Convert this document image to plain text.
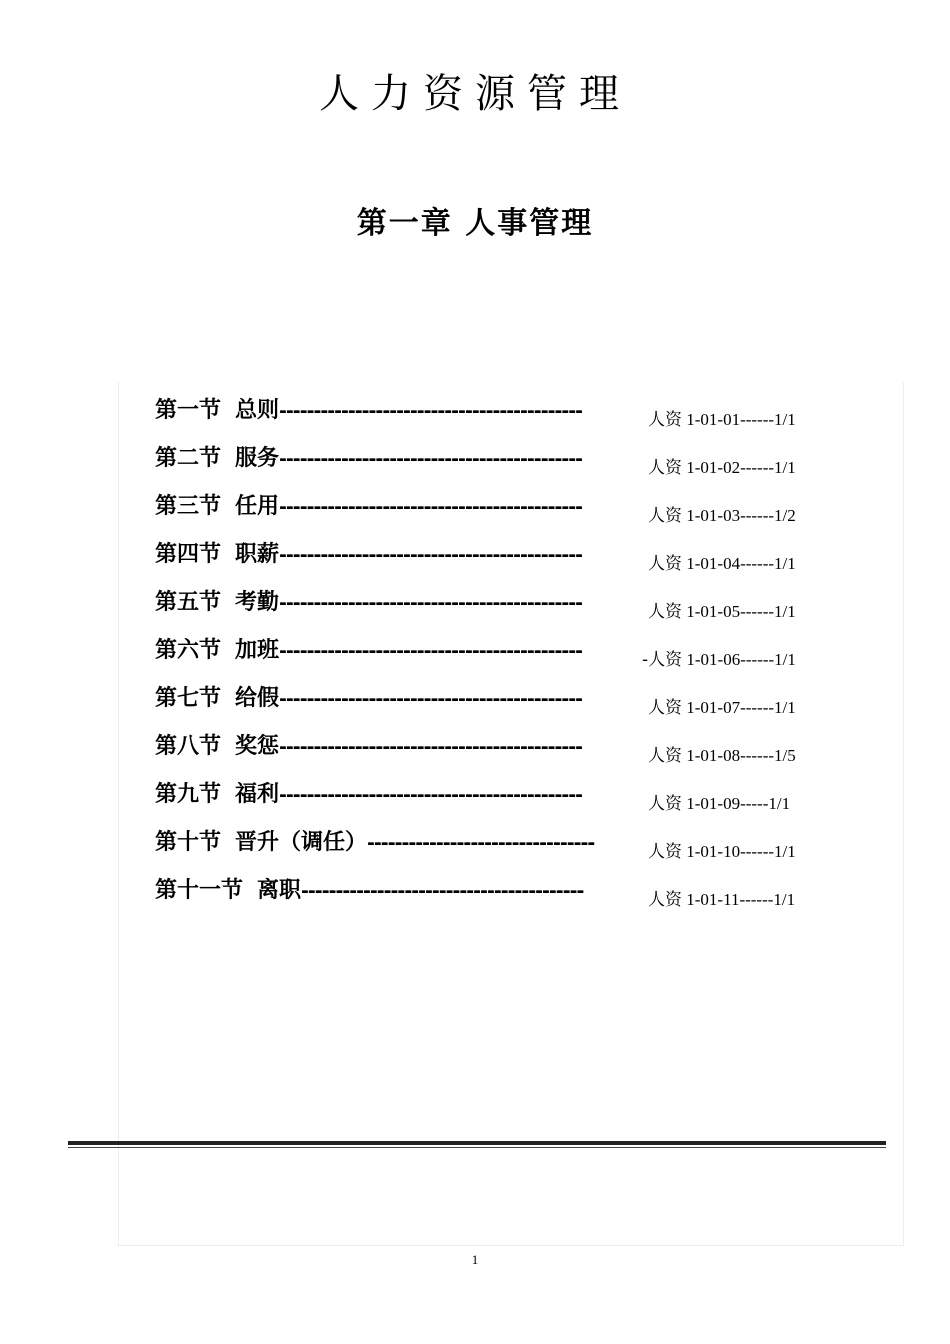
人力资源管理
第一章 人事管理
第一节 总则--------------------------------------------	人资 1-01-01------1/1
第二节 服务--------------------------------------------	人资 1-01-02------1/1
第三节 任用--------------------------------------------	人资 1-01-03------1/2
第四节 职薪--------------------------------------------	人资 1-01-04------1/1
第五节 考勤--------------------------------------------	人资 1-01-05------1/1
第六节 加班--------------------------------------------	-人资 1-01-06------1/1
第七节 给假--------------------------------------------	人资 1-01-07------1/1
第八节 奖惩--------------------------------------------	人资 1-01-08------1/5
第九节 福利--------------------------------------------	人资 1-01-09-----1/1
第十节 晋升（调任）---------------------------------	人资 1-01-10------1/1
第十一节 离职-----------------------------------------	人资 1-01-11------1/1
1
